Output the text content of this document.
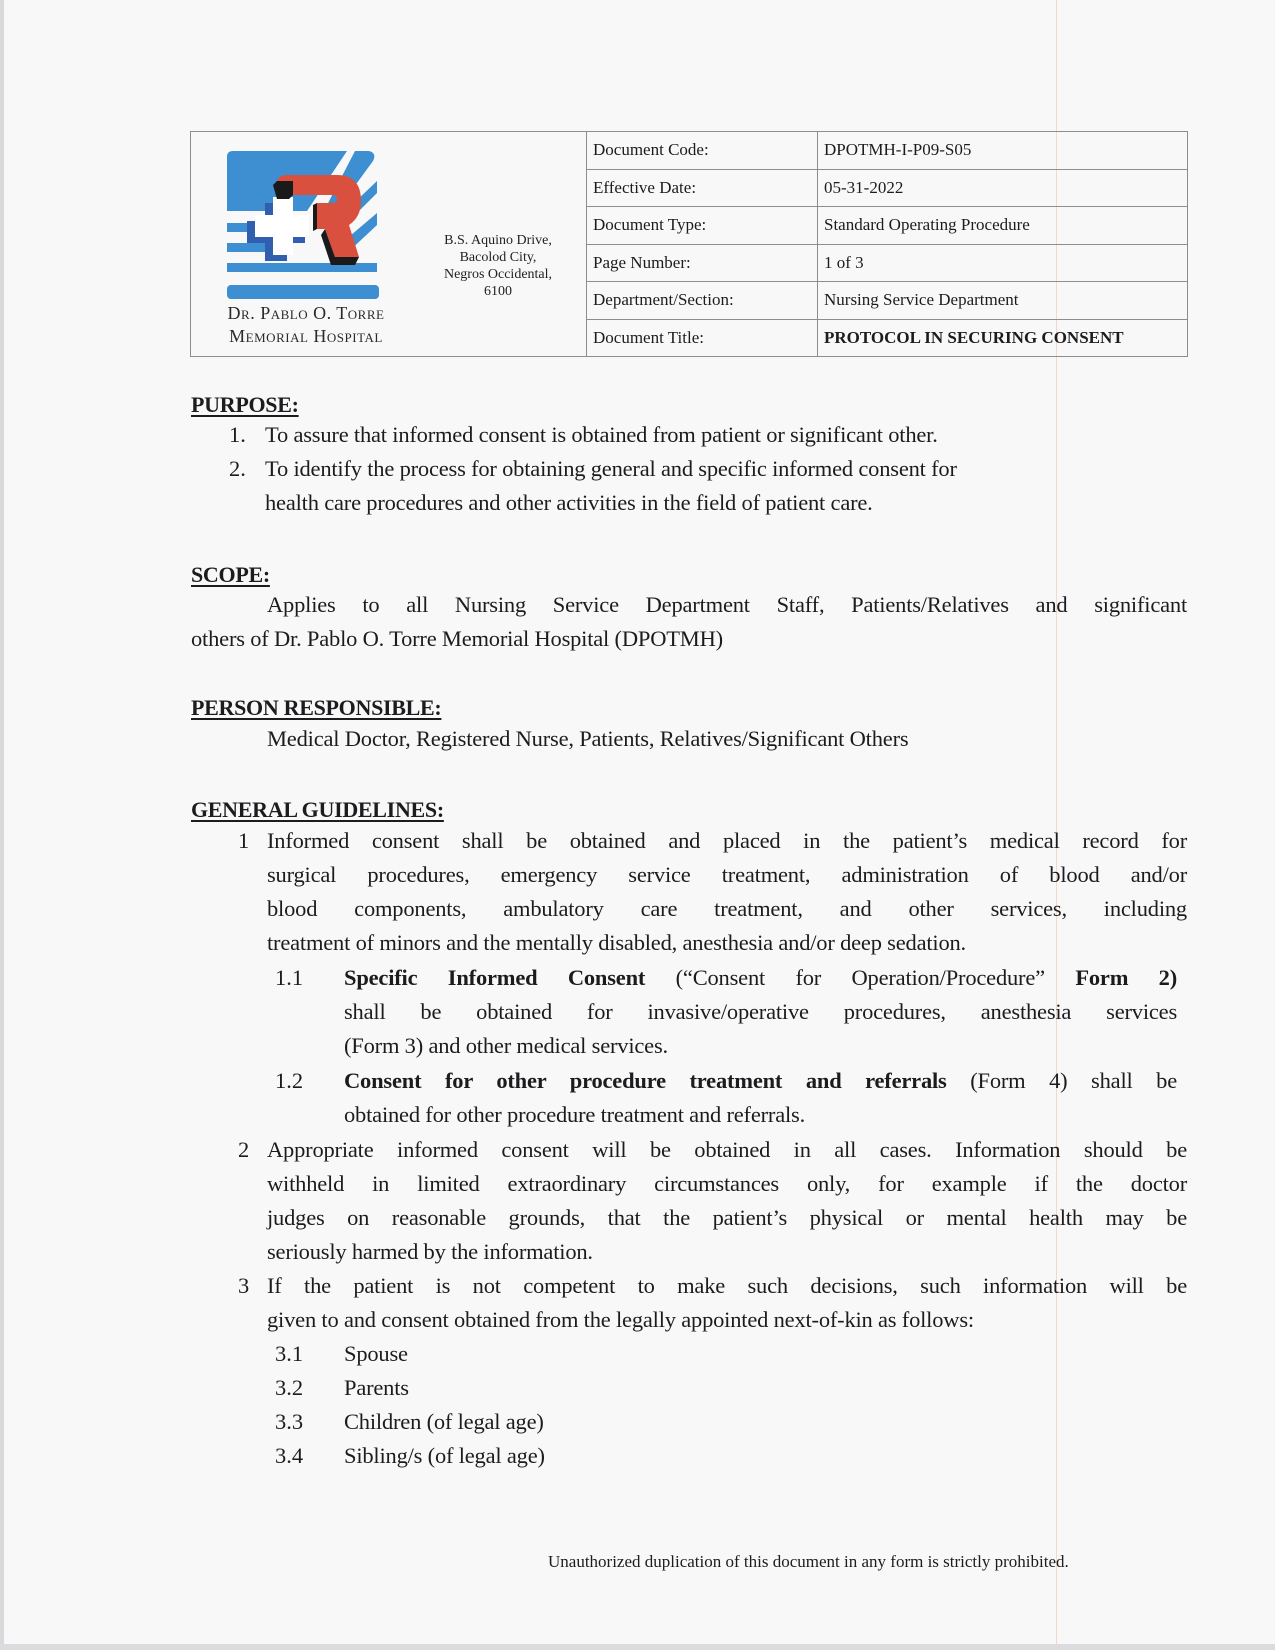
Dr. Pablo O. Torre
Memorial Hospital
B.S. Aquino Drive,
Bacolod City,
Negros Occidental,
6100
Document Code:	DPOTMH-I-P09-S05
Effective Date:	05-31-2022
Document Type:	Standard Operating Procedure
Page Number:	1 of 3
Department/Section:	Nursing Service Department
Document Title:	PROTOCOL IN SECURING CONSENT
PURPOSE:
1. To assure that informed consent is obtained from patient or significant other.
2. To identify the process for obtaining general and specific informed consent for
health care procedures and other activities in the field of patient care.
SCOPE:
Applies to all Nursing Service Department Staff, Patients/Relatives and significant
others of Dr. Pablo O. Torre Memorial Hospital (DPOTMH)
PERSON RESPONSIBLE:
Medical Doctor, Registered Nurse, Patients, Relatives/Significant Others
GENERAL GUIDELINES:
1 Informed consent shall be obtained and placed in the patient’s medical record for
surgical procedures, emergency service treatment, administration of blood and/or
blood components, ambulatory care treatment, and other services, including
treatment of minors and the mentally disabled, anesthesia and/or deep sedation.
1.1 Specific Informed Consent (“Consent for Operation/Procedure” Form 2)
shall be obtained for invasive/operative procedures, anesthesia services
(Form 3) and other medical services.
1.2 Consent for other procedure treatment and referrals (Form 4) shall be
obtained for other procedure treatment and referrals.
2 Appropriate informed consent will be obtained in all cases. Information should be
withheld in limited extraordinary circumstances only, for example if the doctor
judges on reasonable grounds, that the patient’s physical or mental health may be
seriously harmed by the information.
3 If the patient is not competent to make such decisions, such information will be
given to and consent obtained from the legally appointed next-of-kin as follows:
3.1 Spouse
3.2 Parents
3.3 Children (of legal age)
3.4 Sibling/s (of legal age)
Unauthorized duplication of this document in any form is strictly prohibited.
